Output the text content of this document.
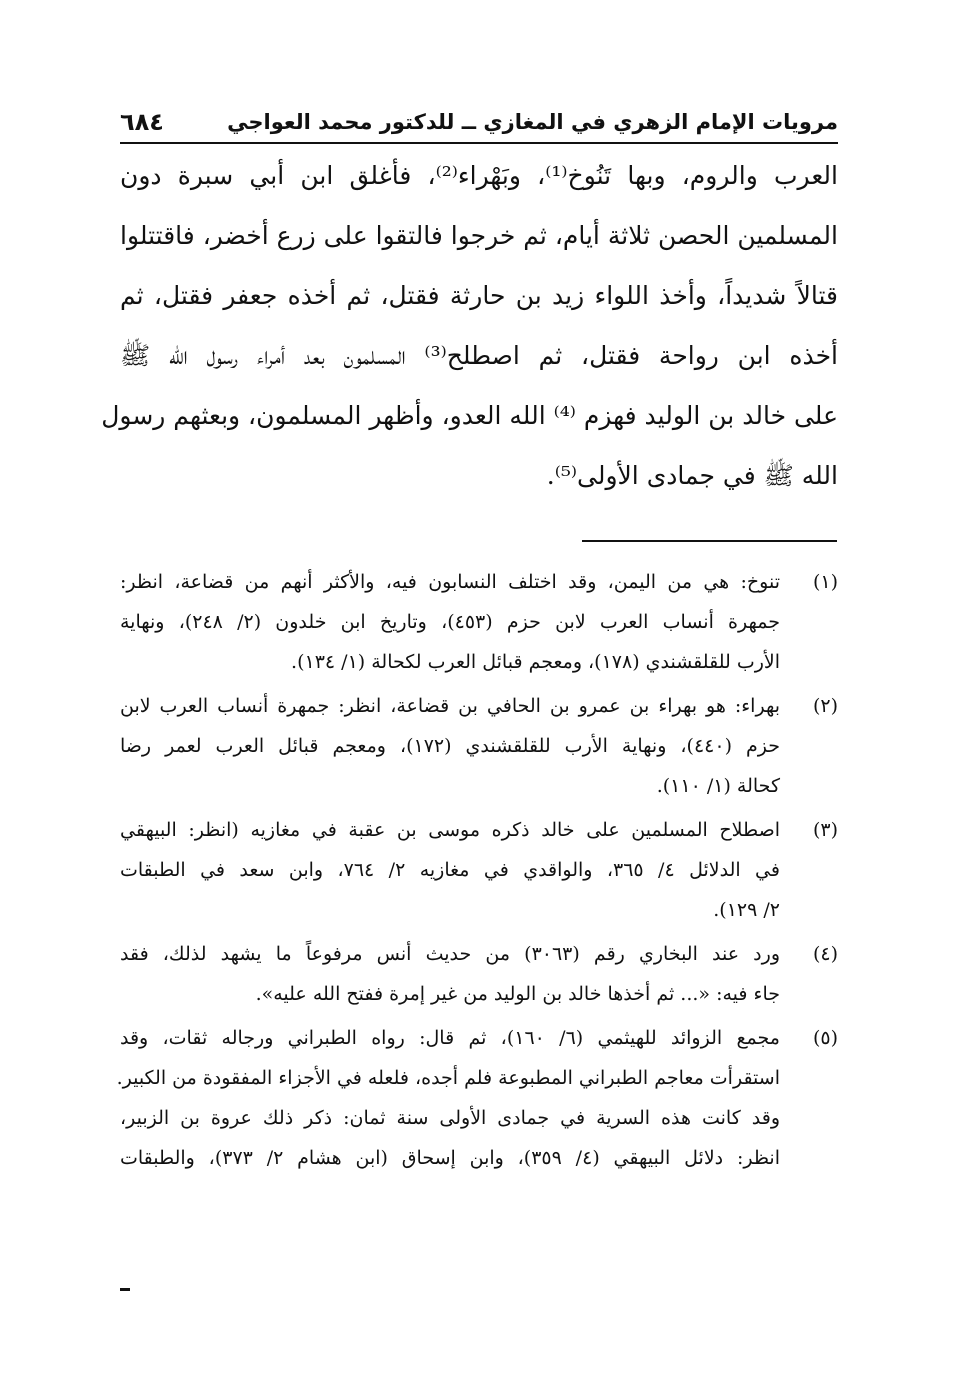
مرويات الإمام الزهري في المغازي ــ للدكتور محمد العواجي
٦٨٤
العرب والروم، وبها تَنُوخ⁽¹⁾، وبَهْراء⁽²⁾، فأغلق ابن أبي سبرة دون
المسلمين الحصن ثلاثة أيام، ثم خرجوا فالتقوا على زرع أخضر، فاقتتلوا
قتالاً شديداً، وأخذ اللواء زيد بن حارثة فقتل، ثم أخذه جعفر فقتل، ثم
أخذه ابن رواحة فقتل، ثم اصطلح⁽³⁾ المسلمون بعد أمراء رسول الله ﷺ
على خالد بن الوليد فهزم ⁽⁴⁾ الله العدو، وأظهر المسلمون، وبعثهم رسول
الله ﷺ في جمادى الأولى⁽⁵⁾.
(١)
تنوخ: هي من اليمن، وقد اختلف النسابون فيه، والأكثر أنهم من قضاعة، انظر:
جمهرة أنساب العرب لابن حزم (٤٥٣)، وتاريخ ابن خلدون (٢/ ٢٤٨)، ونهاية
الأرب للقلقشندي (١٧٨)، ومعجم قبائل العرب لكحالة (١/ ١٣٤).
(٢)
بهراء: هو بهراء بن عمرو بن الحافي بن قضاعة، انظر: جمهرة أنساب العرب لابن
حزم (٤٤٠)، ونهاية الأرب للقلقشندي (١٧٢)، ومعجم قبائل العرب لعمر رضا
كحالة (١/ ١١٠).
(٣)
اصطلاح المسلمين على خالد ذكره موسى بن عقبة في مغازيه (انظر: البيهقي
في الدلائل ٤/ ٣٦٥، والواقدي في مغازيه ٢/ ٧٦٤، وابن سعد في الطبقات
٢/ ١٢٩).
(٤)
ورد عند البخاري رقم (٣٠٦٣) من حديث أنس مرفوعاً ما يشهد لذلك، فقد
جاء فيه: «... ثم أخذها خالد بن الوليد من غير إمرة ففتح الله عليه».
(٥)
مجمع الزوائد للهيثمي (٦/ ١٦٠)، ثم قال: رواه الطبراني ورجاله ثقات، وقد
استقرأت معاجم الطبراني المطبوعة فلم أجده، فلعله في الأجزاء المفقودة من الكبير.
وقد كانت هذه السرية في جمادى الأولى سنة ثمان: ذكر ذلك عروة بن الزبير،
انظر: دلائل البيهقي (٤/ ٣٥٩)، وابن إسحاق (ابن هشام ٢/ ٣٧٣)، والطبقات
